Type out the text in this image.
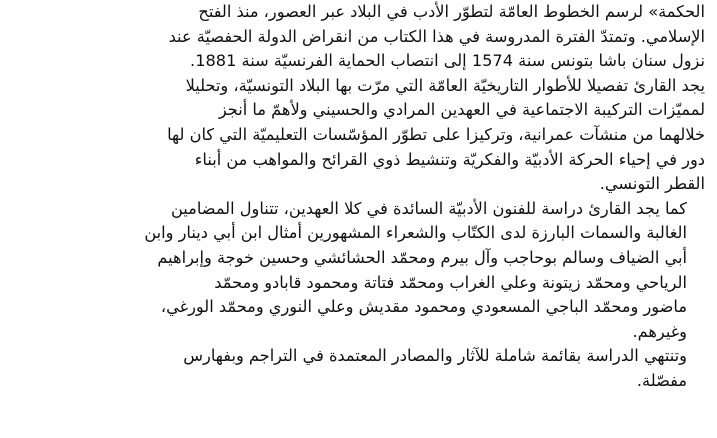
الحكمة» لرسم الخطوط العامّة لتطوّر الأدب في البلاد عبر العصور، منذ الفتح
الإسلامي. وتمتدّ الفترة المدروسة في هذا الكتاب من انقراض الدولة الحفصيّة عند
نزول سنان باشا بتونس سنة 1574 إلى انتصاب الحماية الفرنسيّة سنة 1881.

يجد القارئ تفصيلا للأطوار التاريخيّة العامّة التي مرّت بها البلاد التونسيّة، وتحليلا
لمميّزات التركيبة الاجتماعية في العهدين المرادي والحسيني ولأهمّ ما أنجز
خلالهما من منشآت عمرانية، وتركيزا على تطوّر المؤسّسات التعليميّة التي كان لها
دور في إحياء الحركة الأدبيّة والفكريّة وتنشيط ذوي القرائح والمواهب من أبناء
القطر التونسي.

كما يجد القارئ دراسة للفنون الأدبيّة السائدة في كلا العهدين، تتناول المضامين
الغالبة والسمات البارزة لدى الكتّاب والشعراء المشهورين أمثال ابن أبي دينار وابن
أبي الضياف وسالم بوحاجب وآل بيرم ومحمّد الحشائشي وحسين خوجة وإبراهيم
الرياحي ومحمّد زيتونة وعلي الغراب ومحمّد فتاتة ومحمود قابادو ومحمّد
ماضور ومحمّد الباجي المسعودي ومحمود مقديش وعلي النوري ومحمّد الورغي،
وغيرهم.

وتنتهي الدراسة بقائمة شاملة للآثار والمصادر المعتمدة في التراجم وبفهارس
مفصّلة.
